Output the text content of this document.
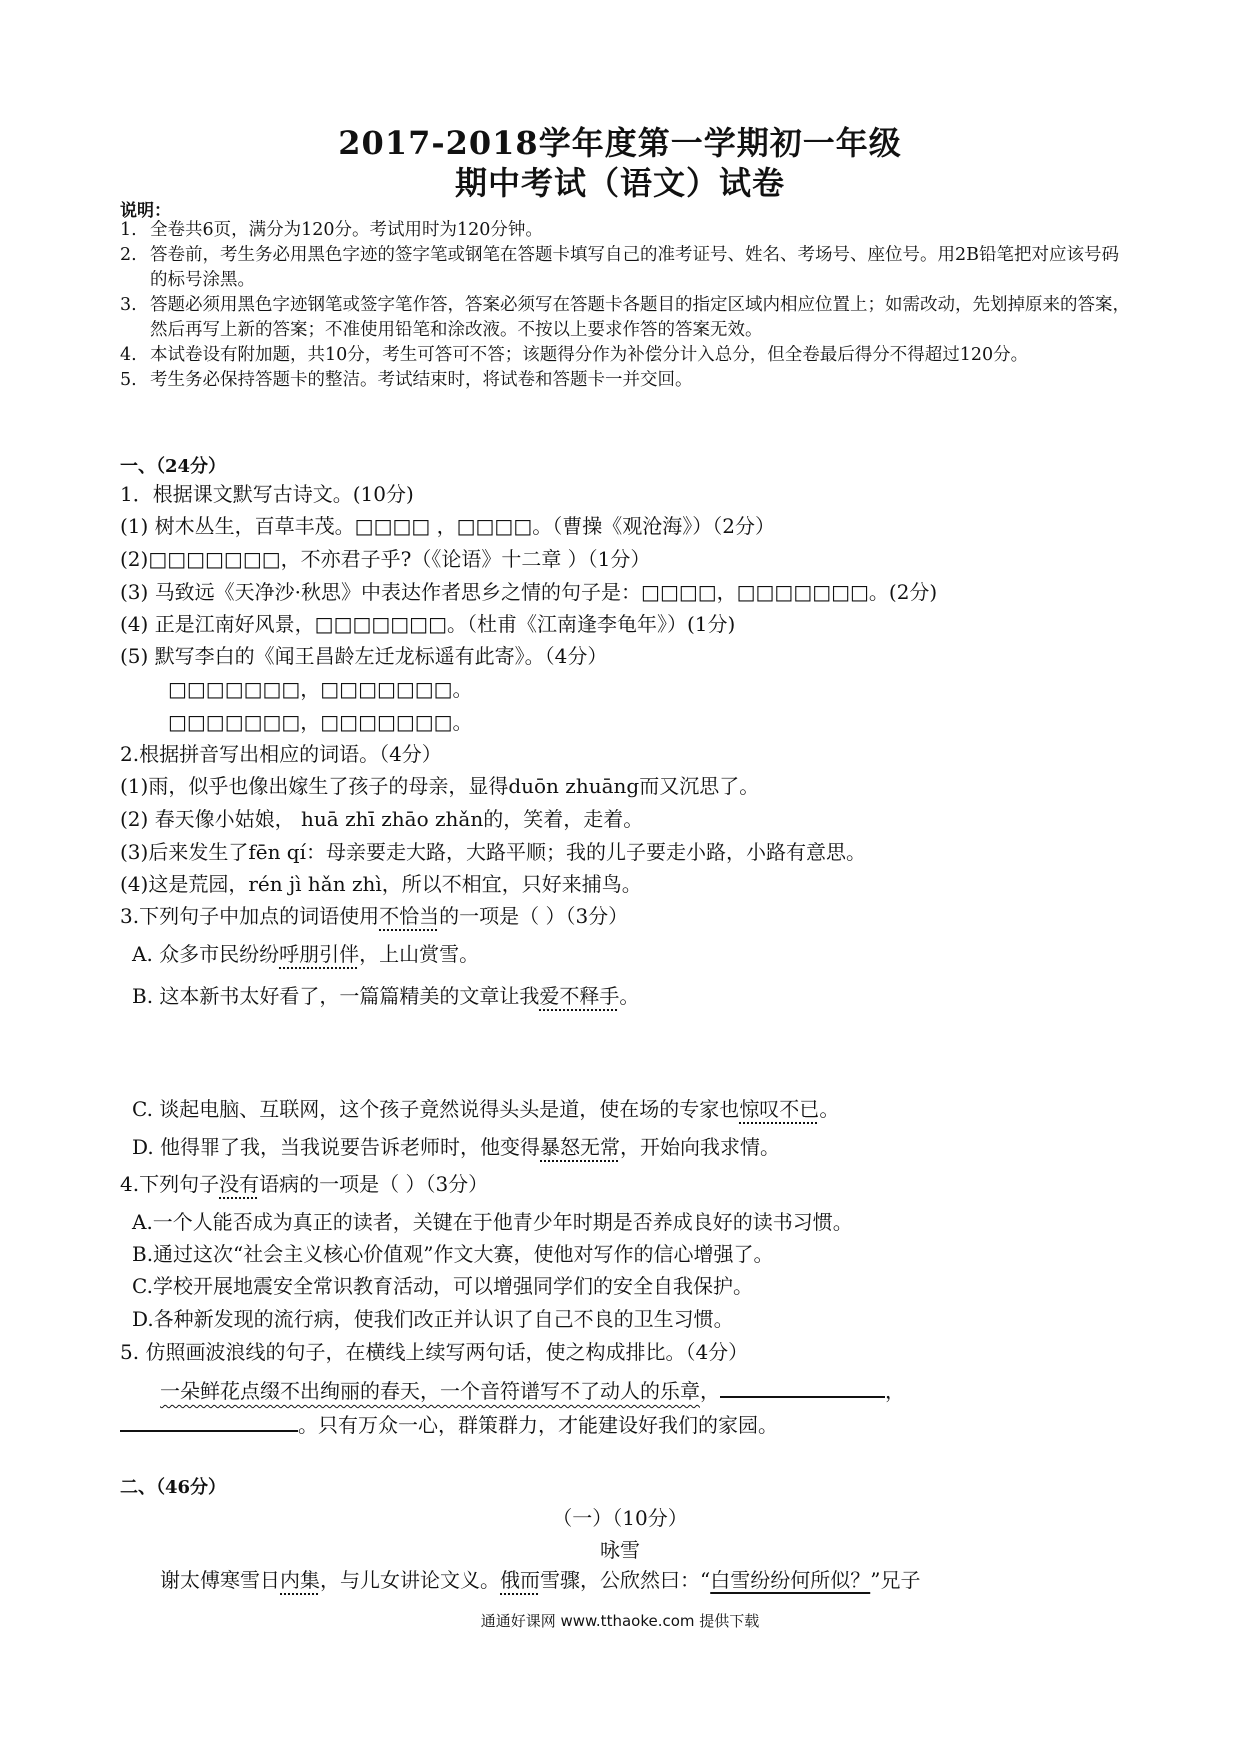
2017-2018学年度第一学期初一年级
期中考试（语文）试卷
说明：
1. 全卷共6页，满分为120分。考试用时为120分钟。
2. 答卷前，考生务必用黑色字迹的签字笔或钢笔在答题卡填写自己的准考证号、姓名、考场号、座位号。用2B铅笔把对应该号码的标号涂黑。
3. 答题必须用黑色字迹钢笔或签字笔作答，答案必须写在答题卡各题目的指定区域内相应位置上；如需改动，先划掉原来的答案，然后再写上新的答案；不准使用铅笔和涂改液。不按以上要求作答的答案无效。
4. 本试卷设有附加题，共10分，考生可答可不答；该题得分作为补偿分计入总分，但全卷最后得分不得超过120分。
5. 考生务必保持答题卡的整洁。考试结束时，将试卷和答题卡一并交回。
一、（24分）
1．根据课文默写古诗文。(10分)
(1) 树木丛生，百草丰茂。□□□□ ，□□□□。（曹操《观沧海》）（2分）
(2)□□□□□□□，不亦君子乎?（《论语》十二章 ）（1分）
(3) 马致远《天净沙·秋思》中表达作者思乡之情的句子是：□□□□，□□□□□□□。(2分)
(4) 正是江南好风景，□□□□□□□。（杜甫《江南逢李龟年》）(1分)
(5) 默写李白的《闻王昌龄左迁龙标遥有此寄》。（4分）
□□□□□□□，□□□□□□□。
□□□□□□□，□□□□□□□。
2.根据拼音写出相应的词语。（4分）
(1)雨，似乎也像出嫁生了孩子的母亲，显得duōn zhuāng而又沉思了。
(2) 春天像小姑娘， huā zhī zhāo zhǎn的，笑着，走着。
(3)后来发生了fēn qí：母亲要走大路，大路平顺；我的儿子要走小路，小路有意思。
(4)这是荒园，rén jì hǎn zhì，所以不相宜，只好来捕鸟。
3.下列句子中加点的词语使用不恰当的一项是（ ）（3分）
A. 众多市民纷纷呼朋引伴，上山赏雪。
B. 这本新书太好看了，一篇篇精美的文章让我爱不释手。
C. 谈起电脑、互联网，这个孩子竟然说得头头是道，使在场的专家也惊叹不已。
D. 他得罪了我，当我说要告诉老师时，他变得暴怒无常，开始向我求情。
4.下列句子没有语病的一项是（ ）（3分）
A.一个人能否成为真正的读者，关键在于他青少年时期是否养成良好的读书习惯。
B.通过这次“社会主义核心价值观”作文大赛，使他对写作的信心增强了。
C.学校开展地震安全常识教育活动，可以增强同学们的安全自我保护。
D.各种新发现的流行病，使我们改正并认识了自己不良的卫生习惯。
5. 仿照画波浪线的句子，在横线上续写两句话，使之构成排比。（4分）
一朵鲜花点缀不出绚丽的春天，一个音符谱写不了动人的乐章，	，
。只有万众一心，群策群力，才能建设好我们的家园。
二、（46分）
（一）（10分）
咏雪
谢太傅寒雪日内集，与儿女讲论文义。俄而雪骤，公欣然曰：“白雪纷纷何所似？”兄子
通通好课网 www.tthaoke.com 提供下载
